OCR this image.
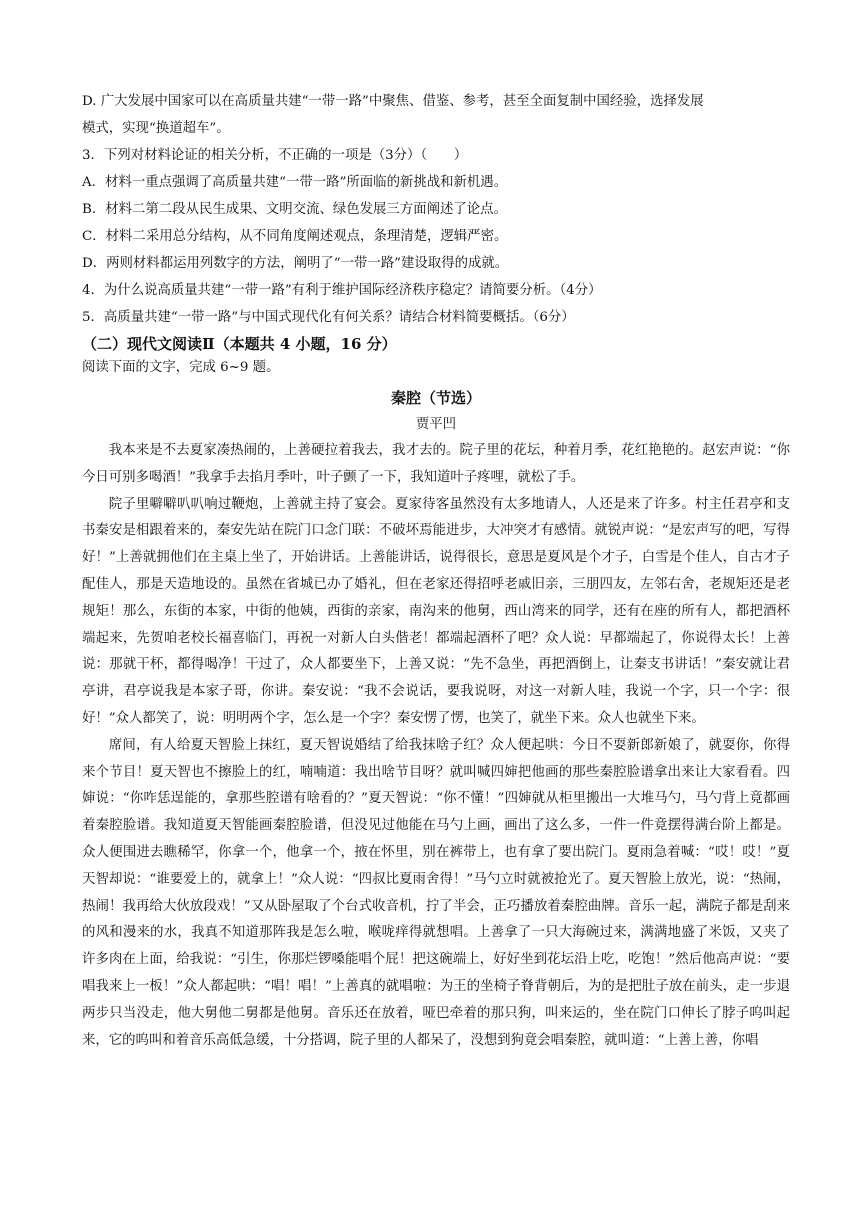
D. 广大发展中国家可以在高质量共建“一带一路”中聚焦、借鉴、参考，甚至全面复制中国经验，选择发展
模式，实现“换道超车”。
3．下列对材料论证的相关分析，不正确的一项是（3分）（　　）
A．材料一重点强调了高质量共建“一带一路”所面临的新挑战和新机遇。
B．材料二第二段从民生成果、文明交流、绿色发展三方面阐述了论点。
C．材料二采用总分结构，从不同角度阐述观点，条理清楚，逻辑严密。
D．两则材料都运用列数字的方法，阐明了“一带一路”建设取得的成就。
4．为什么说高质量共建“一带一路”有利于维护国际经济秩序稳定？请简要分析。（4分）
5．高质量共建“一带一路”与中国式现代化有何关系？请结合材料简要概括。（6分）
（二）现代文阅读Ⅱ（本题共 4 小题，16 分）
阅读下面的文字，完成 6~9 题。
秦腔（节选）
贾平凹
我本来是不去夏家凑热闹的，上善硬拉着我去，我才去的。院子里的花坛，种着月季，花红艳艳的。赵宏声说：“你今日可别多喝酒！”我拿手去掐月季叶，叶子颤了一下，我知道叶子疼哩，就松了手。
院子里噼噼叭叭响过鞭炮，上善就主持了宴会。夏家待客虽然没有太多地请人，人还是来了许多。村主任君亭和支书秦安是相跟着来的，秦安先站在院门口念门联：不破坏焉能进步，大冲突才有感情。就锐声说：“是宏声写的吧，写得好！”上善就拥他们在主桌上坐了，开始讲话。上善能讲话，说得很长，意思是夏风是个才子，白雪是个佳人，自古才子配佳人，那是天造地设的。虽然在省城已办了婚礼，但在老家还得招呼老戚旧亲，三朋四友，左邻右舍，老规矩还是老规矩！那么，东街的本家，中街的他姨，西街的亲家，南沟来的他舅，西山湾来的同学，还有在座的所有人，都把酒杯端起来，先贺咱老校长福喜临门，再祝一对新人白头偕老！都端起酒杯了吧？众人说：早都端起了，你说得太长！上善说：那就干杯，都得喝净！干过了，众人都要坐下，上善又说：“先不急坐，再把酒倒上，让秦支书讲话！”秦安就让君亭讲，君亭说我是本家子哥，你讲。秦安说：“我不会说话，要我说呀，对这一对新人哇，我说一个字，只一个字：很好！”众人都笑了，说：明明两个字，怎么是一个字？秦安愣了愣，也笑了，就坐下来。众人也就坐下来。
席间，有人给夏天智脸上抹红，夏天智说婚结了给我抹啥子红？众人便起哄：今日不耍新郎新娘了，就耍你，你得来个节目！夏天智也不擦脸上的红，喃喃道：我出啥节目呀？就叫喊四婶把他画的那些秦腔脸谱拿出来让大家看看。四婶说：“你咋恁逞能的，拿那些腔谱有啥看的？”夏天智说：“你不懂！”四婶就从柜里搬出一大堆马勺，马勺背上竟都画着秦腔脸谱。我知道夏天智能画秦腔脸谱，但没见过他能在马勺上画，画出了这么多，一件一件竟摆得满台阶上都是。众人便围进去瞧稀罕，你拿一个，他拿一个，掖在怀里，别在裤带上，也有拿了要出院门。夏雨急着喊：“哎！哎！”夏天智却说：“谁要爱上的，就拿上！”众人说：“四叔比夏雨舍得！”马勺立时就被抢光了。夏天智脸上放光，说：“热闹，热闹！我再给大伙放段戏！”又从卧屋取了个台式收音机，拧了半会，正巧播放着秦腔曲牌。音乐一起，满院子都是刮来的风和漫来的水，我真不知道那阵我是怎么啦，喉咙痒得就想唱。上善拿了一只大海碗过来，满满地盛了米饭，又夹了许多肉在上面，给我说：“引生，你那烂锣嗓能唱个屁！把这碗端上，好好坐到花坛沿上吃，吃饱！”然后他高声说：“要唱我来上一板！”众人都起哄：“唱！唱！”上善真的就唱啦：为王的坐椅子脊背朝后，为的是把肚子放在前头，走一步退两步只当没走，他大舅他二舅都是他舅。音乐还在放着，哑巴牵着的那只狗，叫来运的，坐在院门口伸长了脖子呜叫起来，它的呜叫和着音乐高低急缓，十分搭调，院子里的人都呆了，没想到狗竟会唱秦腔，就叫道：“上善上善，你唱
